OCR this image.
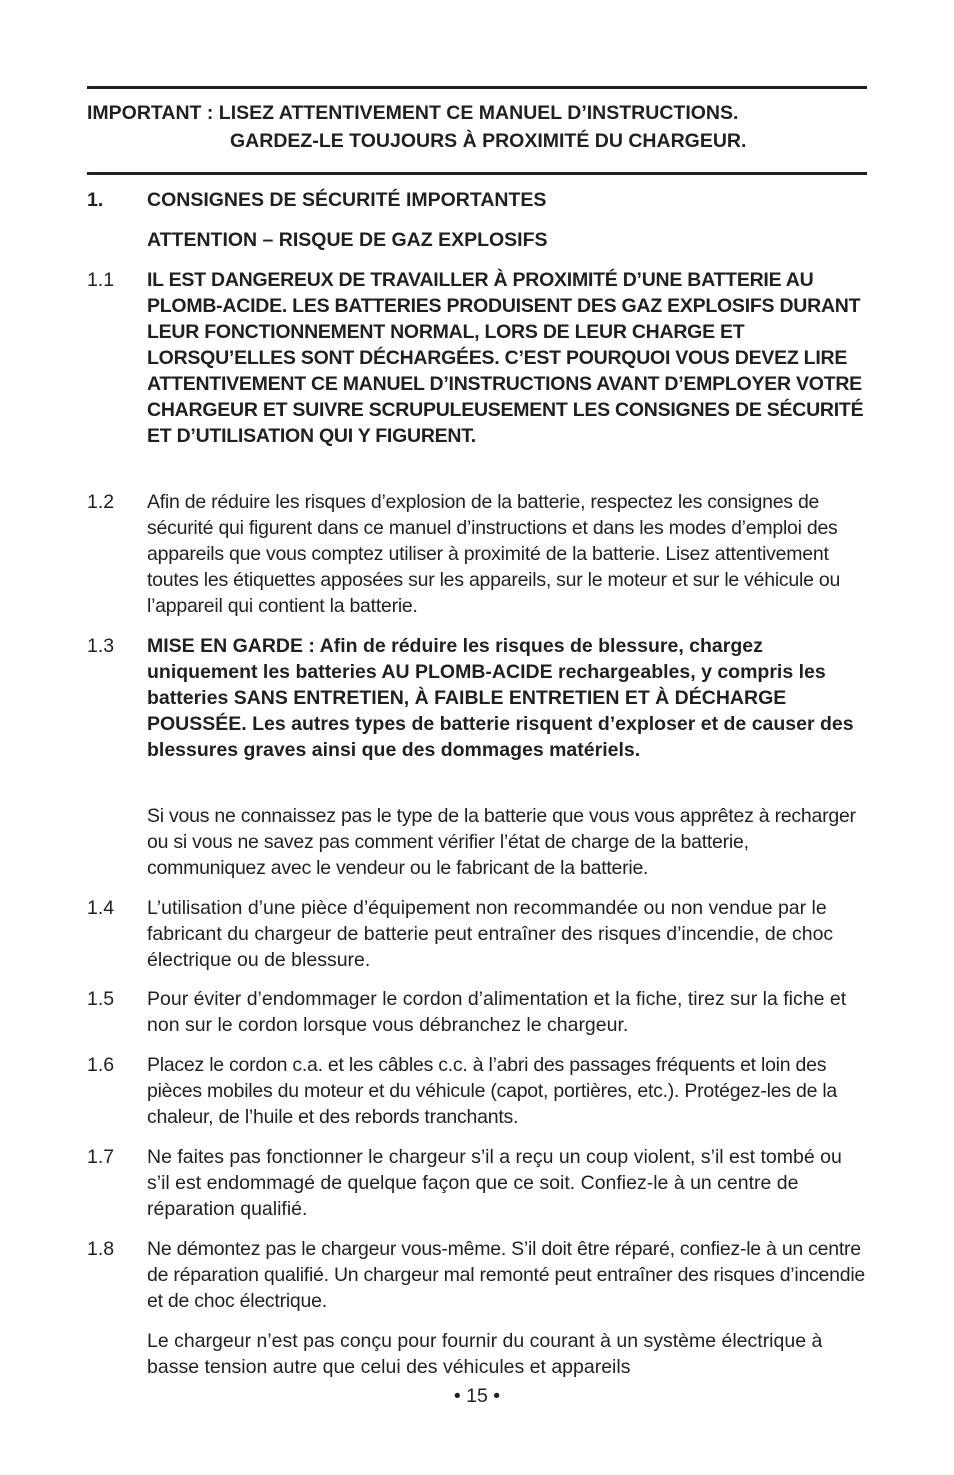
IMPORTANT : LISEZ ATTENTIVEMENT CE MANUEL D’INSTRUCTIONS.
GARDEZ-LE TOUJOURS À PROXIMITÉ DU CHARGEUR.
1. CONSIGNES DE SÉCURITÉ IMPORTANTES
ATTENTION – RISQUE DE GAZ EXPLOSIFS
1.1 IL EST DANGEREUX DE TRAVAILLER À PROXIMITÉ D’UNE BATTERIE AU PLOMB-ACIDE. LES BATTERIES PRODUISENT DES GAZ EXPLOSIFS DURANT LEUR FONCTIONNEMENT NORMAL, LORS DE LEUR CHARGE ET LORSQU’ELLES SONT DÉCHARGÉES. C’EST POURQUOI VOUS DEVEZ LIRE ATTENTIVEMENT CE MANUEL D’INSTRUCTIONS AVANT D’EMPLOYER VOTRE CHARGEUR ET SUIVRE SCRUPULEUSEMENT LES CONSIGNES DE SÉCURITÉ ET D’UTILISATION QUI Y FIGURENT.
1.2 Afin de réduire les risques d’explosion de la batterie, respectez les consignes de sécurité qui figurent dans ce manuel d’instructions et dans les modes d’emploi des appareils que vous comptez utiliser à proximité de la batterie. Lisez attentivement toutes les étiquettes apposées sur les appareils, sur le moteur et sur le véhicule ou l’appareil qui contient la batterie.
1.3 MISE EN GARDE : Afin de réduire les risques de blessure, chargez uniquement les batteries AU PLOMB-ACIDE rechargeables, y compris les batteries SANS ENTRETIEN, À FAIBLE ENTRETIEN ET À DÉCHARGE POUSSÉE. Les autres types de batterie risquent d’exploser et de causer des blessures graves ainsi que des dommages matériels.
Si vous ne connaissez pas le type de la batterie que vous vous apprêtez à recharger ou si vous ne savez pas comment vérifier l’état de charge de la batterie, communiquez avec le vendeur ou le fabricant de la batterie.
1.4 L’utilisation d’une pièce d’équipement non recommandée ou non vendue par le fabricant du chargeur de batterie peut entraîner des risques d’incendie, de choc électrique ou de blessure.
1.5 Pour éviter d’endommager le cordon d’alimentation et la fiche, tirez sur la fiche et non sur le cordon lorsque vous débranchez le chargeur.
1.6 Placez le cordon c.a. et les câbles c.c. à l’abri des passages fréquents et loin des pièces mobiles du moteur et du véhicule (capot, portières, etc.). Protégez-les de la chaleur, de l’huile et des rebords tranchants.
1.7 Ne faites pas fonctionner le chargeur s’il a reçu un coup violent, s’il est tombé ou s’il est endommagé de quelque façon que ce soit. Confiez-le à un centre de réparation qualifié.
1.8 Ne démontez pas le chargeur vous-même. S’il doit être réparé, confiez-le à un centre de réparation qualifié. Un chargeur mal remonté peut entraîner des risques d’incendie et de choc électrique.
Le chargeur n’est pas conçu pour fournir du courant à un système électrique à basse tension autre que celui des véhicules et appareils
• 15 •
